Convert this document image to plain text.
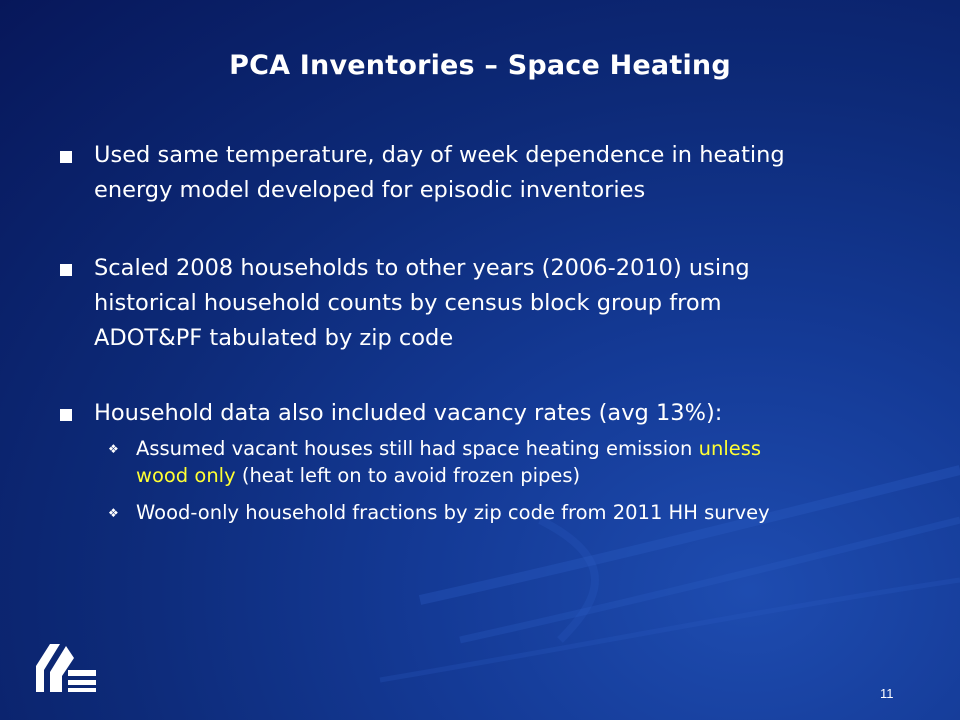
PCA Inventories – Space Heating
Used same temperature, day of week dependence in heating
energy model developed for episodic inventories
Scaled 2008 households to other years (2006-2010) using
historical household counts by census block group from
ADOT&PF tabulated by zip code
Household data also included vacancy rates (avg 13%):
❖ Assumed vacant houses still had space heating emission unless
wood only (heat left on to avoid frozen pipes)
❖ Wood-only household fractions by zip code from 2011 HH survey
11
